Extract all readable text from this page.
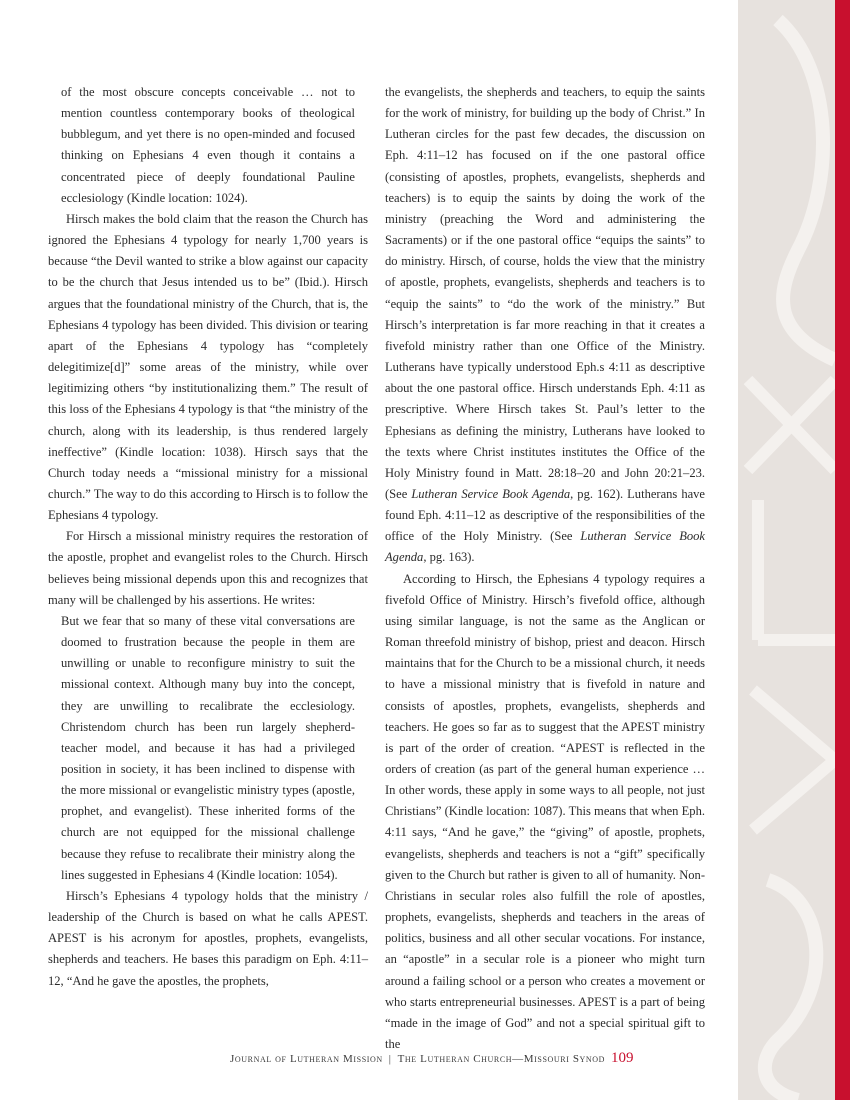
of the most obscure concepts conceivable … not to mention countless contemporary books of theological bubblegum, and yet there is no open-minded and focused thinking on Ephesians 4 even though it contains a concentrated piece of deeply foundational Pauline ecclesiology (Kindle location: 1024).

Hirsch makes the bold claim that the reason the Church has ignored the Ephesians 4 typology for nearly 1,700 years is because “the Devil wanted to strike a blow against our capacity to be the church that Jesus intended us to be” (Ibid.). Hirsch argues that the foundational ministry of the Church, that is, the Ephesians 4 typology has been divided. This division or tearing apart of the Ephesians 4 typology has “completely delegitimize[d]” some areas of the ministry, while over legitimizing others “by institutionalizing them.” The result of this loss of the Ephesians 4 typology is that “the ministry of the church, along with its leadership, is thus rendered largely ineffective” (Kindle location: 1038). Hirsch says that the Church today needs a “missional ministry for a missional church.” The way to do this according to Hirsch is to follow the Ephesians 4 typology.

For Hirsch a missional ministry requires the restoration of the apostle, prophet and evangelist roles to the Church. Hirsch believes being missional depends upon this and recognizes that many will be challenged by his assertions. He writes:

But we fear that so many of these vital conversations are doomed to frustration because the people in them are unwilling or unable to reconfigure ministry to suit the missional context. Although many buy into the concept, they are unwilling to recalibrate the ecclesiology. Christendom church has been run largely shepherd-teacher model, and because it has had a privileged position in society, it has been inclined to dispense with the more missional or evangelistic ministry types (apostle, prophet, and evangelist). These inherited forms of the church are not equipped for the missional challenge because they refuse to recalibrate their ministry along the lines suggested in Ephesians 4 (Kindle location: 1054).

Hirsch’s Ephesians 4 typology holds that the ministry / leadership of the Church is based on what he calls APEST. APEST is his acronym for apostles, prophets, evangelists, shepherds and teachers. He bases this paradigm on Eph. 4:11–12, “And he gave the apostles, the prophets,

the evangelists, the shepherds and teachers, to equip the saints for the work of ministry, for building up the body of Christ.” In Lutheran circles for the past few decades, the discussion on Eph. 4:11–12 has focused on if the one pastoral office (consisting of apostles, prophets, evangelists, shepherds and teachers) is to equip the saints by doing the work of the ministry (preaching the Word and administering the Sacraments) or if the one pastoral office “equips the saints” to do ministry. Hirsch, of course, holds the view that the ministry of apostle, prophets, evangelists, shepherds and teachers is to “equip the saints” to “do the work of the ministry.” But Hirsch’s interpretation is far more reaching in that it creates a fivefold ministry rather than one Office of the Ministry. Lutherans have typically understood Eph.s 4:11 as descriptive about the one pastoral office. Hirsch understands Eph. 4:11 as prescriptive. Where Hirsch takes St. Paul’s letter to the Ephesians as defining the ministry, Lutherans have looked to the texts where Christ institutes institutes the Office of the Holy Ministry found in Matt. 28:18–20 and John 20:21–23. (See Lutheran Service Book Agenda, pg. 162). Lutherans have found Eph. 4:11–12 as descriptive of the responsibilities of the office of the Holy Ministry. (See Lutheran Service Book Agenda, pg. 163).

According to Hirsch, the Ephesians 4 typology requires a fivefold Office of Ministry. Hirsch’s fivefold office, although using similar language, is not the same as the Anglican or Roman threefold ministry of bishop, priest and deacon. Hirsch maintains that for the Church to be a missional church, it needs to have a missional ministry that is fivefold in nature and consists of apostles, prophets, evangelists, shepherds and teachers. He goes so far as to suggest that the APEST ministry is part of the order of creation. “APEST is reflected in the orders of creation (as part of the general human experience … In other words, these apply in some ways to all people, not just Christians” (Kindle location: 1087). This means that when Eph. 4:11 says, “And he gave,” the “giving” of apostle, prophets, evangelists, shepherds and teachers is not a “gift” specifically given to the Church but rather is given to all of humanity. Non-Christians in secular roles also fulfill the role of apostles, prophets, evangelists, shepherds and teachers in the areas of politics, business and all other secular vocations. For instance, an “apostle” in a secular role is a pioneer who might turn around a failing school or a person who creates a movement or who starts entrepreneurial businesses. APEST is a part of being “made in the image of God” and not a special spiritual gift to the

Journal of Lutheran Mission | The Lutheran Church—Missouri Synod 109
